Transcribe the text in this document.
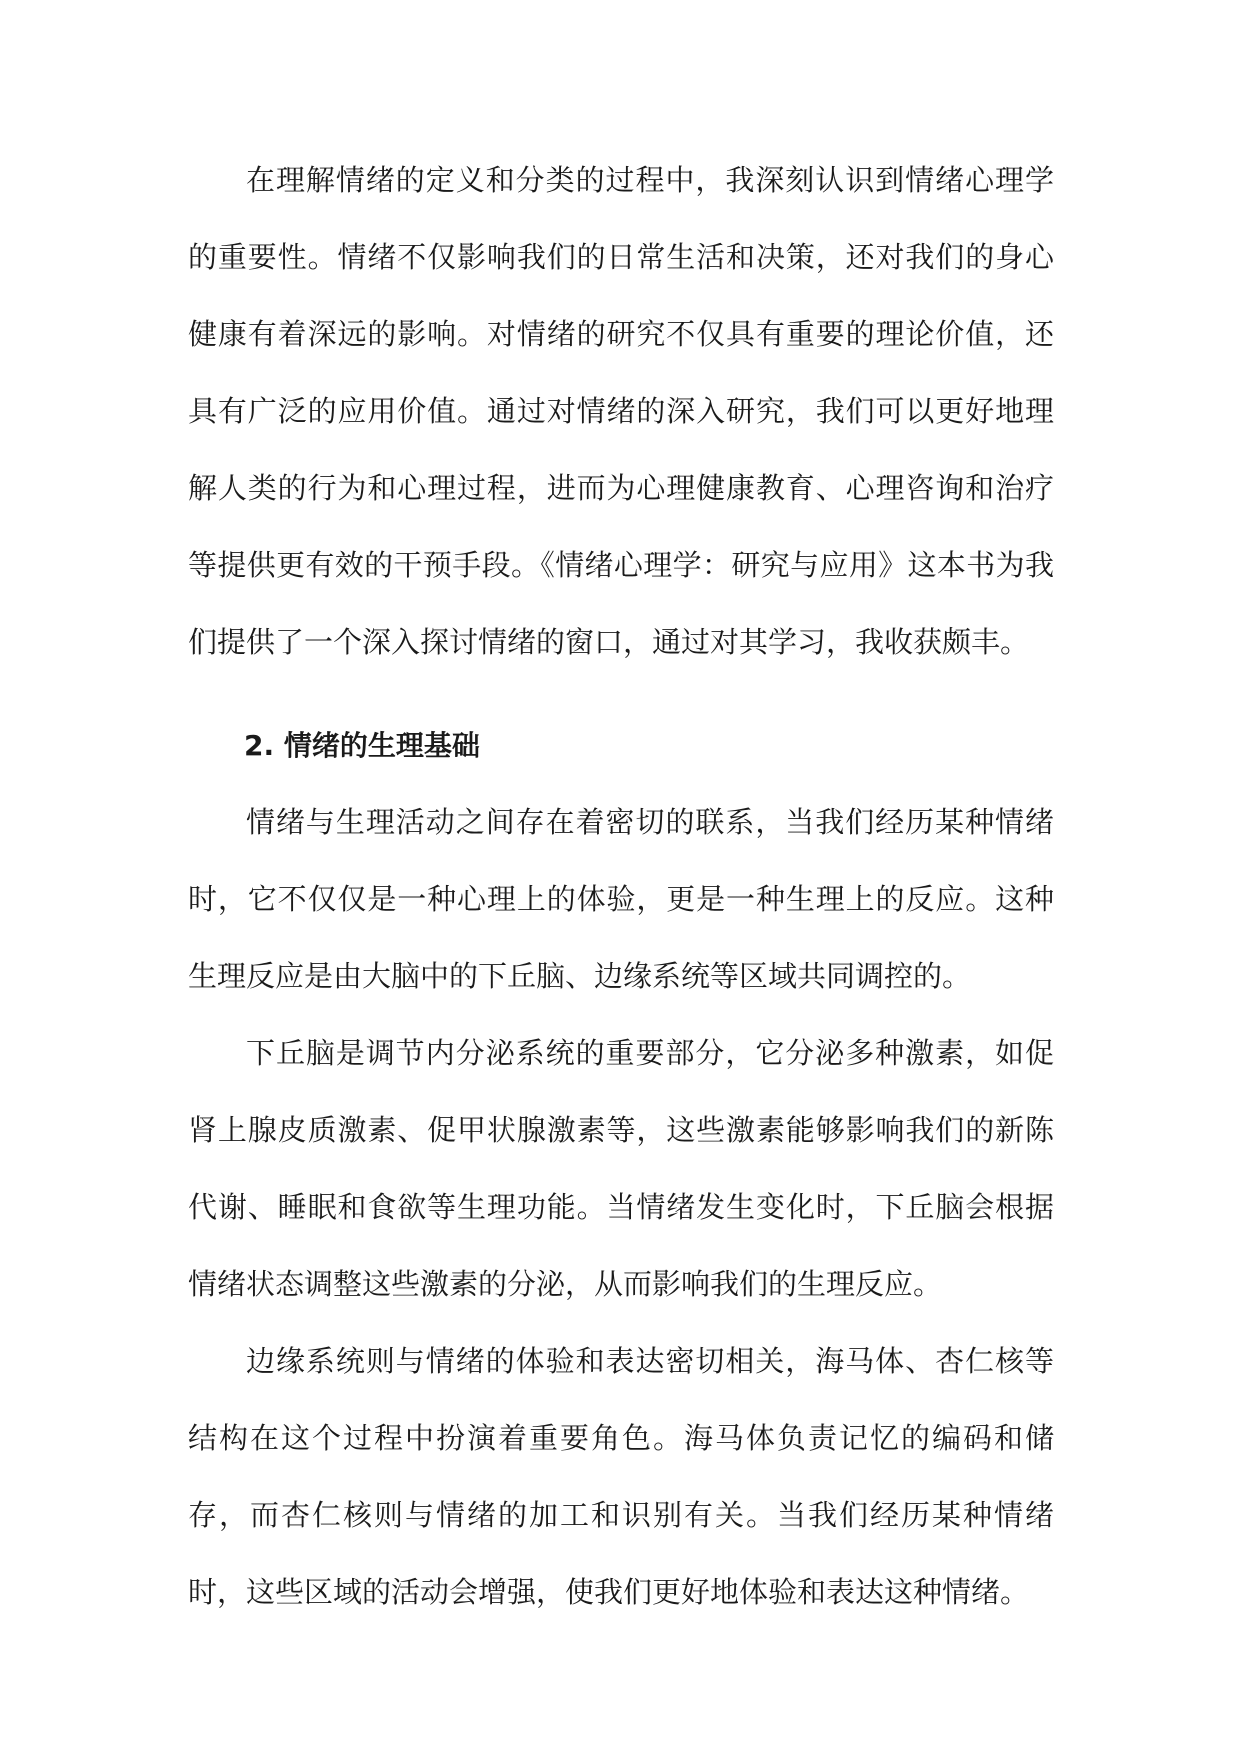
在理解情绪的定义和分类的过程中，我深刻认识到情绪心理学的重要性。情绪不仅影响我们的日常生活和决策，还对我们的身心健康有着深远的影响。对情绪的研究不仅具有重要的理论价值，还具有广泛的应用价值。通过对情绪的深入研究，我们可以更好地理解人类的行为和心理过程，进而为心理健康教育、心理咨询和治疗等提供更有效的干预手段。《情绪心理学：研究与应用》这本书为我们提供了一个深入探讨情绪的窗口，通过对其学习，我收获颇丰。

2. 情绪的生理基础

情绪与生理活动之间存在着密切的联系，当我们经历某种情绪时，它不仅仅是一种心理上的体验，更是一种生理上的反应。这种生理反应是由大脑中的下丘脑、边缘系统等区域共同调控的。

下丘脑是调节内分泌系统的重要部分，它分泌多种激素，如促肾上腺皮质激素、促甲状腺激素等，这些激素能够影响我们的新陈代谢、睡眠和食欲等生理功能。当情绪发生变化时，下丘脑会根据情绪状态调整这些激素的分泌，从而影响我们的生理反应。

边缘系统则与情绪的体验和表达密切相关，海马体、杏仁核等结构在这个过程中扮演着重要角色。海马体负责记忆的编码和储存，而杏仁核则与情绪的加工和识别有关。当我们经历某种情绪时，这些区域的活动会增强，使我们更好地体验和表达这种情绪。
